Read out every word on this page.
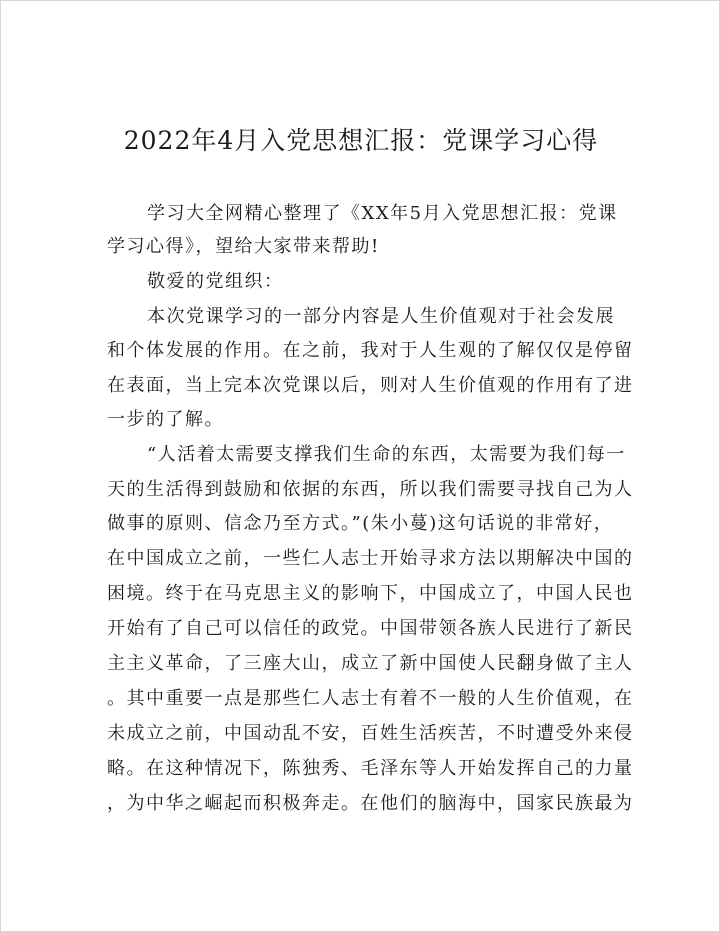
2022年4月入党思想汇报：党课学习心得
学习大全网精心整理了《XX年5月入党思想汇报：党课
学习心得》，望给大家带来帮助!
敬爱的党组织：
本次党课学习的一部分内容是人生价值观对于社会发展
和个体发展的作用。在之前，我对于人生观的了解仅仅是停留
在表面，当上完本次党课以后，则对人生价值观的作用有了进
一步的了解。
“人活着太需要支撑我们生命的东西，太需要为我们每一
天的生活得到鼓励和依据的东西，所以我们需要寻找自己为人
做事的原则、信念乃至方式。”(朱小蔓)这句话说的非常好，
在中国成立之前，一些仁人志士开始寻求方法以期解决中国的
困境。终于在马克思主义的影响下，中国成立了，中国人民也
开始有了自己可以信任的政党。中国带领各族人民进行了新民
主主义革命，了三座大山，成立了新中国使人民翻身做了主人
。其中重要一点是那些仁人志士有着不一般的人生价值观，在
未成立之前，中国动乱不安，百姓生活疾苦，不时遭受外来侵
略。在这种情况下，陈独秀、毛泽东等人开始发挥自己的力量
，为中华之崛起而积极奔走。在他们的脑海中，国家民族最为
